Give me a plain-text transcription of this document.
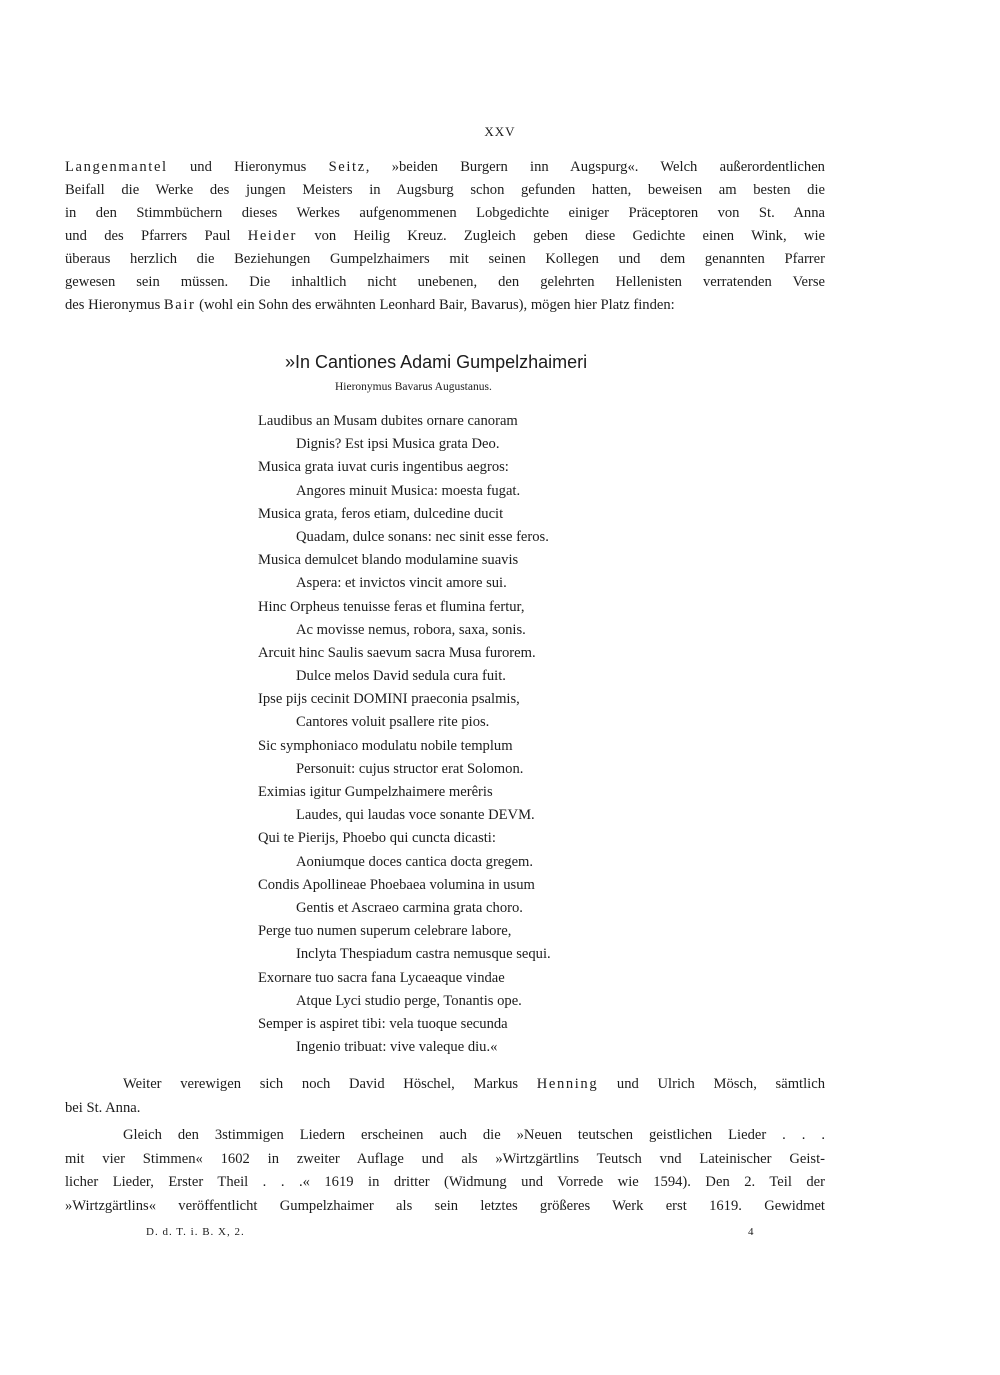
XXV
Langenmantel und Hieronymus Seitz, »beiden Burgern inn Augspurg«. Welch außerordentlichen
Beifall die Werke des jungen Meisters in Augsburg schon gefunden hatten, beweisen am besten die
in den Stimmbüchern dieses Werkes aufgenommenen Lobgedichte einiger Präceptoren von St. Anna
und des Pfarrers Paul Heider von Heilig Kreuz. Zugleich geben diese Gedichte einen Wink, wie
überaus herzlich die Beziehungen Gumpelzhaimers mit seinen Kollegen und dem genannten Pfarrer
gewesen sein müssen. Die inhaltlich nicht unebenen, den gelehrten Hellenisten verratenden Verse
des Hieronymus Bair (wohl ein Sohn des erwähnten Leonhard Bair, Bavarus), mögen hier Platz finden:
»In Cantiones Adami Gumpelzhaimeri
Hieronymus Bavarus Augustanus.
Laudibus an Musam dubites ornare canoram
Dignis? Est ipsi Musica grata Deo.
Musica grata iuvat curis ingentibus aegros:
Angores minuit Musica: moesta fugat.
Musica grata, feros etiam, dulcedine ducit
Quadam, dulce sonans: nec sinit esse feros.
Musica demulcet blando modulamine suavis
Aspera: et invictos vincit amore sui.
Hinc Orpheus tenuisse feras et flumina fertur,
Ac movisse nemus, robora, saxa, sonis.
Arcuit hinc Saulis saevum sacra Musa furorem.
Dulce melos David sedula cura fuit.
Ipse pijs cecinit DOMINI praeconia psalmis,
Cantores voluit psallere rite pios.
Sic symphoniaco modulatu nobile templum
Personuit: cujus structor erat Solomon.
Eximias igitur Gumpelzhaimere merêris
Laudes, qui laudas voce sonante DEVM.
Qui te Pierijs, Phoebo qui cuncta dicasti:
Aoniumque doces cantica docta gregem.
Condis Apollineae Phoebaea volumina in usum
Gentis et Ascraeo carmina grata choro.
Perge tuo numen superum celebrare labore,
Inclyta Thespiadum castra nemusque sequi.
Exornare tuo sacra fana Lycaeaque vindae
Atque Lyci studio perge, Tonantis ope.
Semper is aspiret tibi: vela tuoque secunda
Ingenio tribuat: vive valeque diu.«
Weiter verewigen sich noch David Höschel, Markus Henning und Ulrich Mösch, sämtlich
bei St. Anna.
Gleich den 3stimmigen Liedern erscheinen auch die »Neuen teutschen geistlichen Lieder . . .
mit vier Stimmen« 1602 in zweiter Auflage und als »Wirtzgärtlins Teutsch vnd Lateinischer Geist-
licher Lieder, Erster Theil . . .« 1619 in dritter (Widmung und Vorrede wie 1594). Den 2. Teil der
»Wirtzgärtlins« veröffentlicht Gumpelzhaimer als sein letztes größeres Werk erst 1619. Gewidmet
D. d. T. i. B. X, 2.	4
